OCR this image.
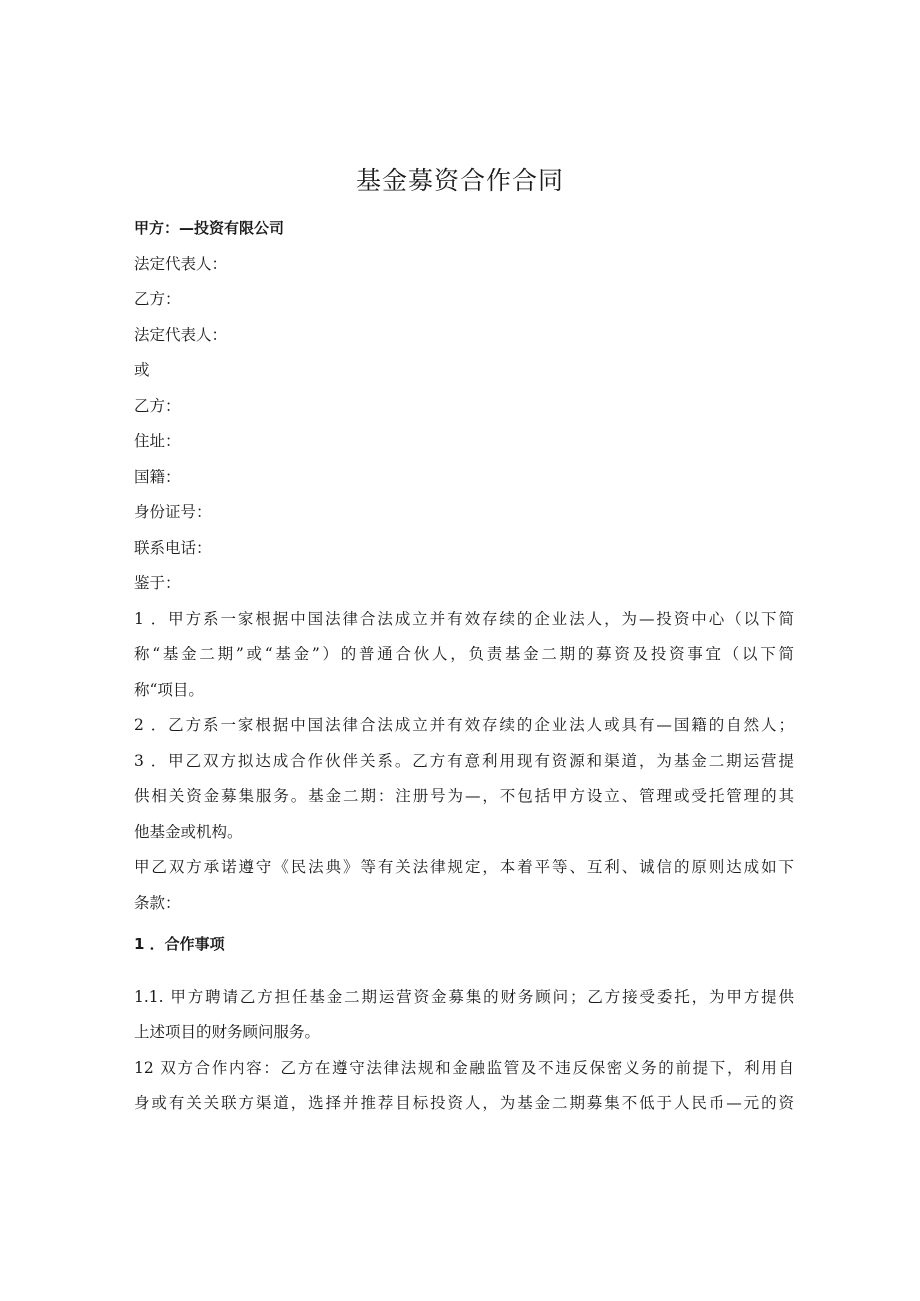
基金募资合作合同
甲方：—投资有限公司
法定代表人：
乙方：
法定代表人：
或
乙方：
住址：
国籍：
身份证号：
联系电话：
鉴于：
1 ．甲方系一家根据中国法律合法成立并有效存续的企业法人，为—投资中心（以下简
称“基金二期”或“基金”）的普通合伙人，负责基金二期的募资及投资事宜（以下简
称“项目。
2 ．乙方系一家根据中国法律合法成立并有效存续的企业法人或具有—国籍的自然人；
3 ．甲乙双方拟达成合作伙伴关系。乙方有意利用现有资源和渠道，为基金二期运营提
供相关资金募集服务。基金二期：注册号为—，不包括甲方设立、管理或受托管理的其
他基金或机构。
甲乙双方承诺遵守《民法典》等有关法律规定，本着平等、互利、诚信的原则达成如下
条款：
1 ．合作事项
1.1. 甲方聘请乙方担任基金二期运营资金募集的财务顾问；乙方接受委托，为甲方提供
上述项目的财务顾问服务。
12 双方合作内容：乙方在遵守法律法规和金融监管及不违反保密义务的前提下，利用自
身或有关关联方渠道，选择并推荐目标投资人，为基金二期募集不低于人民币—元的资
